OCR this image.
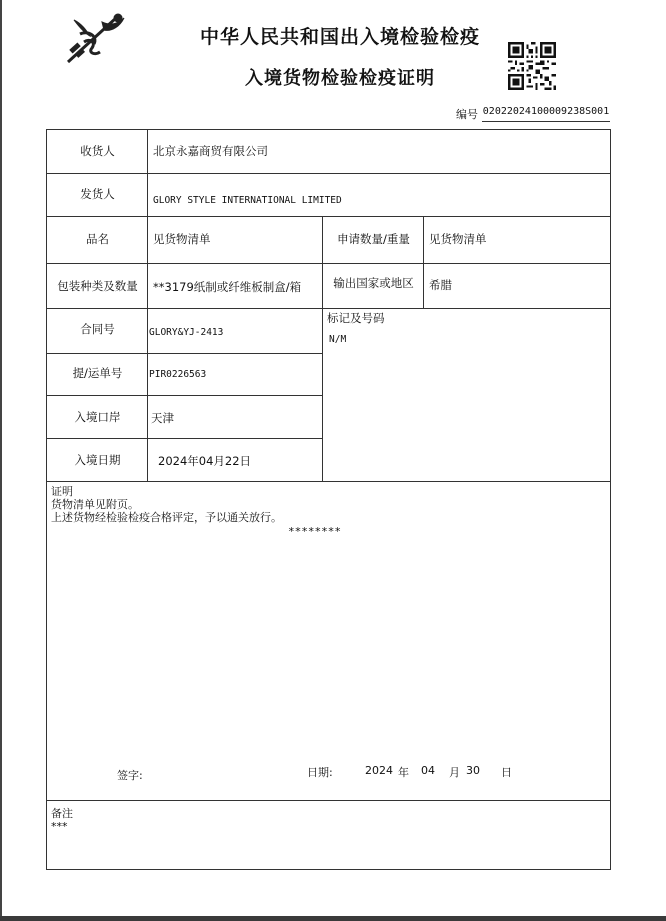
中华人民共和国出入境检验检疫
入境货物检验检疫证明
编号 02022024100009238S001
收货人	北京永嘉商贸有限公司
发货人	GLORY STYLE INTERNATIONAL LIMITED
品名	见货物清单	申请数量/重量	见货物清单
包装种类及数量	**3179纸制或纤维板制盒/箱	输出国家或地区	希腊
合同号	GLORY&YJ-2413
标记及号码
N/M
提/运单号	PIR0226563
入境口岸	天津
入境日期	2024年04月22日
证明
货物清单见附页。
上述货物经检验检疫合格评定，予以通关放行。
********
签字:	日期:	2024 年 04 月 30 日
备注
***
